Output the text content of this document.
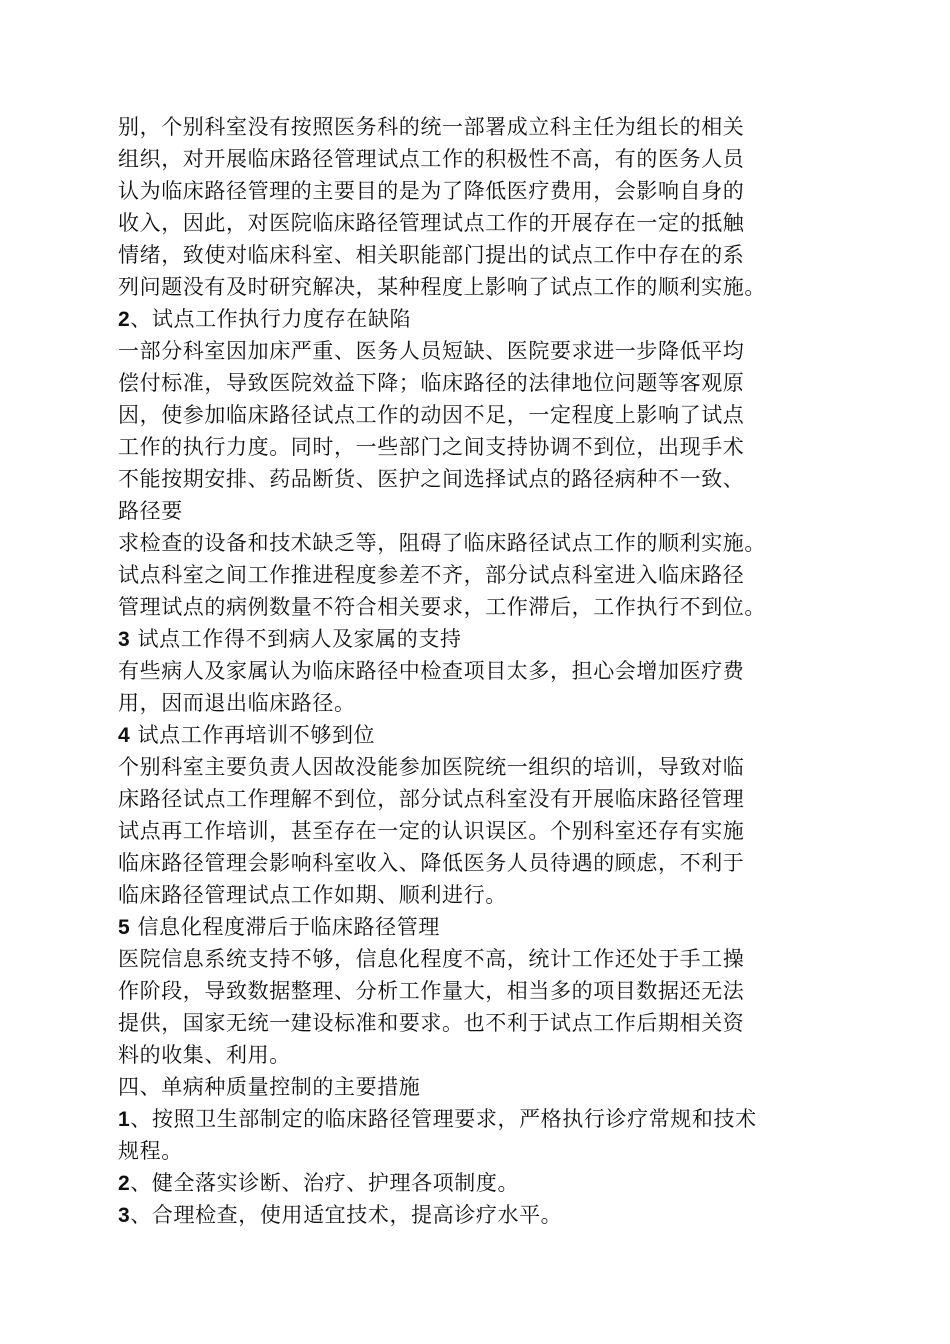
别，个别科室没有按照医务科的统一部署成立科主任为组长的相关
组织，对开展临床路径管理试点工作的积极性不高，有的医务人员
认为临床路径管理的主要目的是为了降低医疗费用，会影响自身的
收入，因此，对医院临床路径管理试点工作的开展存在一定的抵触
情绪，致使对临床科室、相关职能部门提出的试点工作中存在的系
列问题没有及时研究解决，某种程度上影响了试点工作的顺利实施。
2、试点工作执行力度存在缺陷
一部分科室因加床严重、医务人员短缺、医院要求进一步降低平均
偿付标准，导致医院效益下降；临床路径的法律地位问题等客观原
因，使参加临床路径试点工作的动因不足，一定程度上影响了试点
工作的执行力度。同时，一些部门之间支持协调不到位，出现手术
不能按期安排、药品断货、医护之间选择试点的路径病种不一致、
路径要
求检查的设备和技术缺乏等，阻碍了临床路径试点工作的顺利实施。
试点科室之间工作推进程度参差不齐，部分试点科室进入临床路径
管理试点的病例数量不符合相关要求，工作滞后，工作执行不到位。
3 试点工作得不到病人及家属的支持
有些病人及家属认为临床路径中检查项目太多，担心会增加医疗费
用，因而退出临床路径。
4 试点工作再培训不够到位
个别科室主要负责人因故没能参加医院统一组织的培训，导致对临
床路径试点工作理解不到位，部分试点科室没有开展临床路径管理
试点再工作培训，甚至存在一定的认识误区。个别科室还存有实施
临床路径管理会影响科室收入、降低医务人员待遇的顾虑，不利于
临床路径管理试点工作如期、顺利进行。
5 信息化程度滞后于临床路径管理
医院信息系统支持不够，信息化程度不高，统计工作还处于手工操
作阶段，导致数据整理、分析工作量大，相当多的项目数据还无法
提供，国家无统一建设标准和要求。也不利于试点工作后期相关资
料的收集、利用。
四、单病种质量控制的主要措施
1、按照卫生部制定的临床路径管理要求，严格执行诊疗常规和技术
规程。
2、健全落实诊断、治疗、护理各项制度。
3、合理检查，使用适宜技术，提高诊疗水平。
